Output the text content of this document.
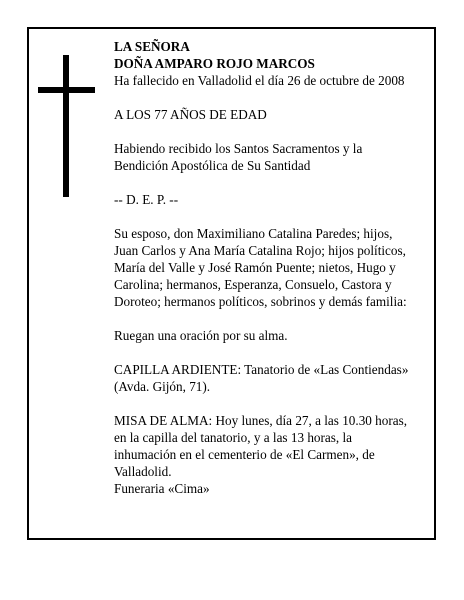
LA SEÑORA

DOÑA AMPARO ROJO MARCOS

Ha fallecido en Valladolid el día 26 de octubre de 2008

A LOS 77 AÑOS DE EDAD

Habiendo recibido los Santos Sacramentos y la

Bendición Apostólica de Su Santidad

-- D. E. P. --

Su esposo, don Maximiliano Catalina Paredes; hijos,

Juan Carlos y Ana María Catalina Rojo; hijos políticos,

María del Valle y José Ramón Puente; nietos, Hugo y

Carolina; hermanos, Esperanza, Consuelo, Castora y

Doroteo; hermanos políticos, sobrinos y demás familia:

Ruegan una oración por su alma.

CAPILLA ARDIENTE: Tanatorio de «Las Contiendas»

(Avda. Gijón, 71).

MISA DE ALMA: Hoy lunes, día 27, a las 10.30 horas,

en la capilla del tanatorio, y a las 13 horas, la

inhumación en el cementerio de «El Carmen», de

Valladolid.

Funeraria «Cima»
